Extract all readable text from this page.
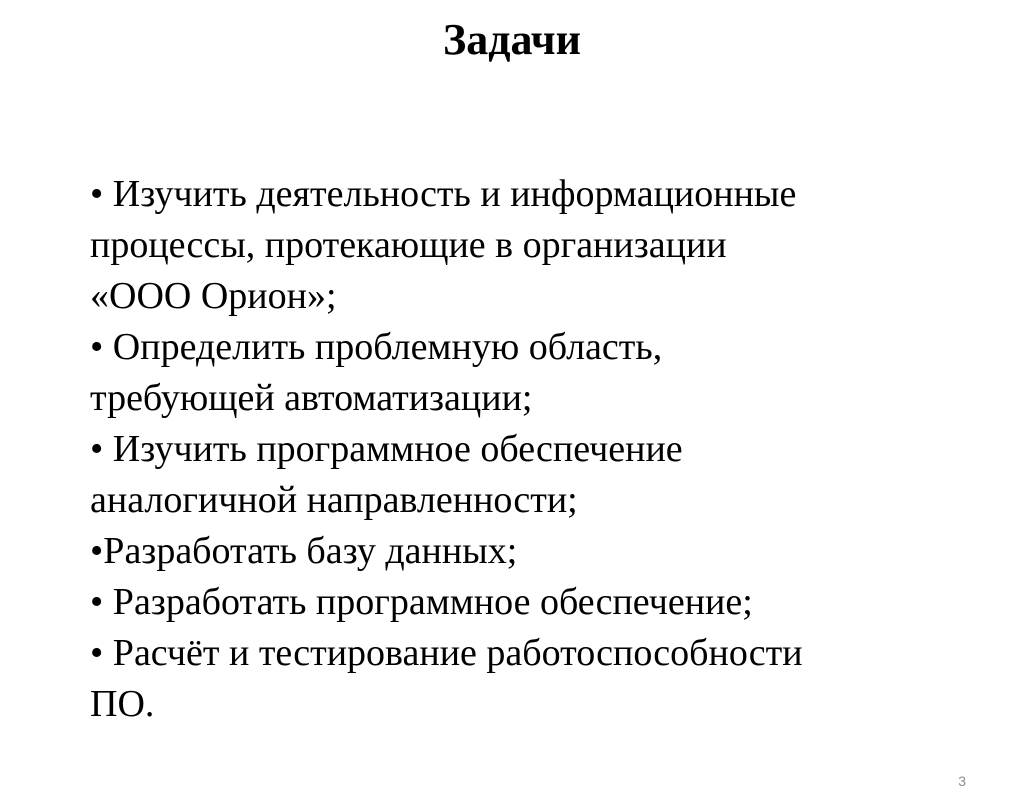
Задачи
• Изучить деятельность и информационные
процессы, протекающие в организации
«ООО Орион»;
• Определить проблемную область,
требующей автоматизации;
• Изучить программное обеспечение
аналогичной направленности;
•Разработать базу данных;
• Разработать программное обеспечение;
• Расчёт и тестирование работоспособности
ПО.
3
